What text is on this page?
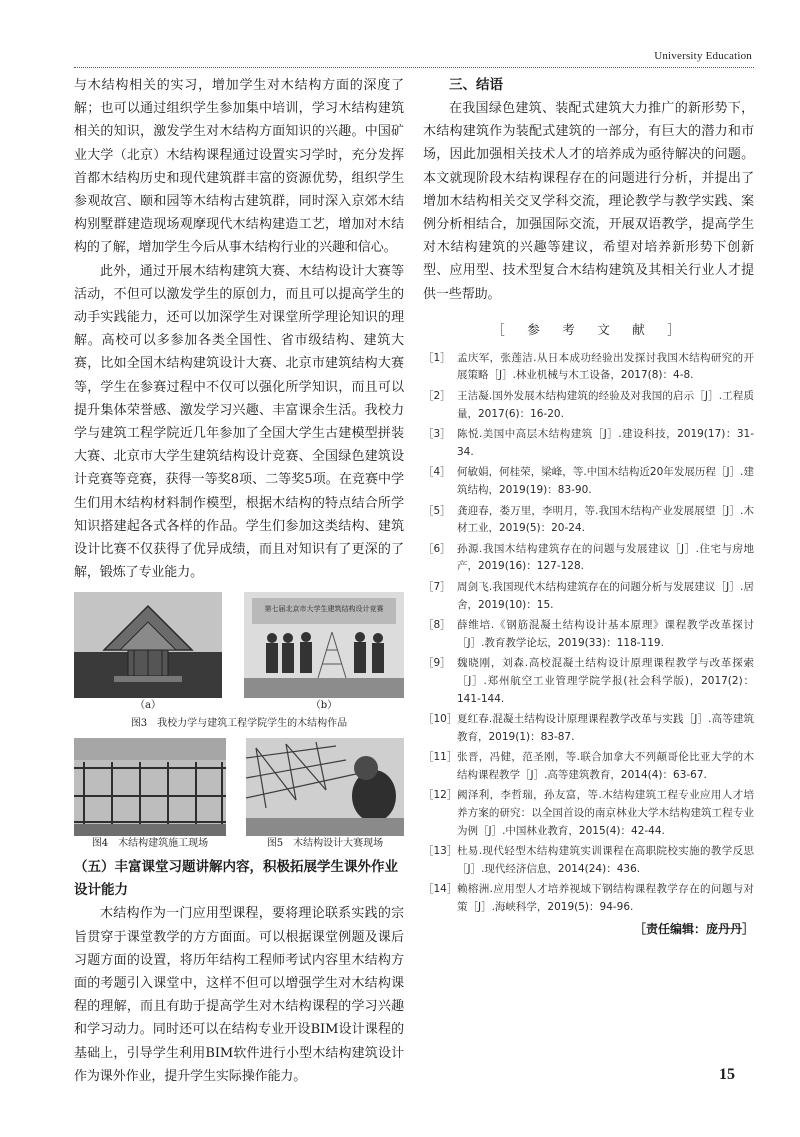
University Education

与木结构相关的实习，增加学生对木结构方面的深度了解；也可以通过组织学生参加集中培训，学习木结构建筑相关的知识，激发学生对木结构方面知识的兴趣。中国矿业大学（北京）木结构课程通过设置实习学时，充分发挥首都木结构历史和现代建筑群丰富的资源优势，组织学生参观故宫、颐和园等木结构古建筑群，同时深入京郊木结构别墅群建造现场观摩现代木结构建造工艺，增加对木结构的了解，增加学生今后从事木结构行业的兴趣和信心。

此外，通过开展木结构建筑大赛、木结构设计大赛等活动，不但可以激发学生的原创力，而且可以提高学生的动手实践能力，还可以加深学生对课堂所学理论知识的理解。高校可以多参加各类全国性、省市级结构、建筑大赛，比如全国木结构建筑设计大赛、北京市建筑结构大赛等，学生在参赛过程中不仅可以强化所学知识，而且可以提升集体荣誉感、激发学习兴趣、丰富课余生活。我校力学与建筑工程学院近几年参加了全国大学生古建模型拼装大赛、北京市大学生建筑结构设计竞赛、全国绿色建筑设计竞赛等竞赛，获得一等奖8项、二等奖5项。在竞赛中学生们用木结构材料制作模型，根据木结构的特点结合所学知识搭建起各式各样的作品。学生们参加这类结构、建筑设计比赛不仅获得了优异成绩，而且对知识有了更深的了解，锻炼了专业能力。

（a）
第七届北京市大学生建筑结构设计竞赛
（b）
图3　我校力学与建筑工程学院学生的木结构作品
图4　木结构建筑施工现场	图5　木结构设计大赛现场

（五）丰富课堂习题讲解内容，积极拓展学生课外作业设计能力

木结构作为一门应用型课程，要将理论联系实践的宗旨贯穿于课堂教学的方方面面。可以根据课堂例题及课后习题方面的设置，将历年结构工程师考试内容里木结构方面的考题引入课堂中，这样不但可以增强学生对木结构课程的理解，而且有助于提高学生对木结构课程的学习兴趣和学习动力。同时还可以在结构专业开设BIM设计课程的基础上，引导学生利用BIM软件进行小型木结构建筑设计作为课外作业，提升学生实际操作能力。

三、结语

在我国绿色建筑、装配式建筑大力推广的新形势下，木结构建筑作为装配式建筑的一部分，有巨大的潜力和市场，因此加强相关技术人才的培养成为亟待解决的问题。本文就现阶段木结构课程存在的问题进行分析，并提出了增加木结构相关交叉学科交流，理论教学与教学实践、案例分析相结合，加强国际交流，开展双语教学，提高学生对木结构建筑的兴趣等建议，希望对培养新形势下创新型、应用型、技术型复合木结构建筑及其相关行业人才提供一些帮助。

［　参　考　文　献　］
［1］ 孟庆军，张莲洁.从日本成功经验出发探讨我国木结构研究的开展策略［J］.林业机械与木工设备，2017(8)：4-8.
［2］ 王洁凝.国外发展木结构建筑的经验及对我国的启示［J］.工程质量，2017(6)：16-20.
［3］ 陈悦.美国中高层木结构建筑［J］.建设科技，2019(17)：31-34.
［4］ 何敏娟，何桂荣，梁峰，等.中国木结构近20年发展历程［J］.建筑结构，2019(19)：83-90.
［5］ 龚迎春，娄万里，李明月，等.我国木结构产业发展展望［J］.木材工业，2019(5)：20-24.
［6］ 孙源.我国木结构建筑存在的问题与发展建议［J］.住宅与房地产，2019(16)：127-128.
［7］ 周剑飞.我国现代木结构建筑存在的问题分析与发展建议［J］.居舍，2019(10)：15.
［8］ 薛维培.《钢筋混凝土结构设计基本原理》课程教学改革探讨［J］.教育教学论坛，2019(33)：118-119.
［9］ 魏晓刚，刘森.高校混凝土结构设计原理课程教学与改革探索［J］.郑州航空工业管理学院学报(社会科学版)，2017(2)：141-144.
［10］ 夏红春.混凝土结构设计原理课程教学改革与实践［J］.高等建筑教育，2019(1)：83-87.
［11］ 张晋，冯健，范圣刚，等.联合加拿大不列颠哥伦比亚大学的木结构课程教学［J］.高等建筑教育，2014(4)：63-67.
［12］ 阙泽利，李哲瑞，孙友富，等.木结构建筑工程专业应用人才培养方案的研究：以全国首设的南京林业大学木结构建筑工程专业为例［J］.中国林业教育，2015(4)：42-44.
［13］ 杜易.现代轻型木结构建筑实训课程在高职院校实施的教学反思［J］.现代经济信息，2014(24)：436.
［14］ 赖榕洲.应用型人才培养视域下钢结构课程教学存在的问题与对策［J］.海峡科学，2019(5)：94-96.
［责任编辑：庞丹丹］
15
